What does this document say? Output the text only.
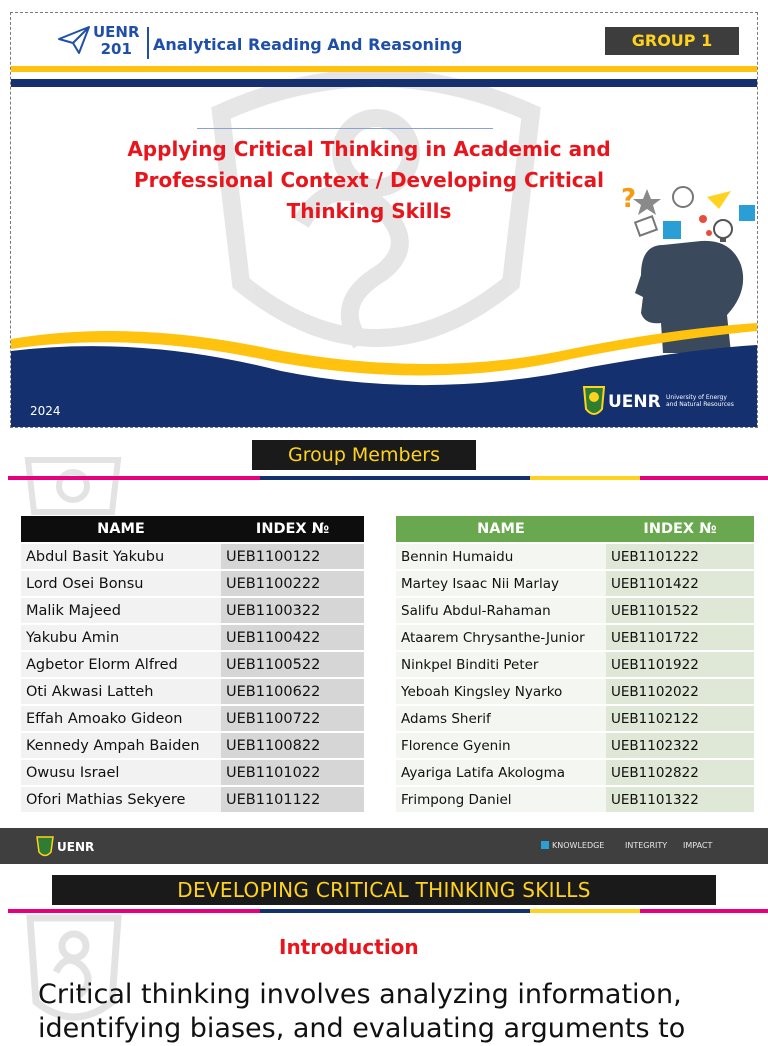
UENR
201	Analytical Reading And Reasoning	GROUP 1
Applying Critical Thinking in Academic and
Professional Context / Developing Critical
Thinking Skills	?
2024	UENR University of Energy
and Natural Resources
Group Members
NAME	INDEX №
Abdul Basit Yakubu	UEB1100122
Lord Osei Bonsu	UEB1100222
Malik Majeed	UEB1100322
Yakubu Amin	UEB1100422
Agbetor Elorm Alfred	UEB1100522
Oti Akwasi Latteh	UEB1100622
Effah Amoako Gideon	UEB1100722
Kennedy Ampah Baiden	UEB1100822
Owusu Israel	UEB1101022
Ofori Mathias Sekyere	UEB1101122
NAME	INDEX №
Bennin Humaidu	UEB1101222
Martey Isaac Nii Marlay	UEB1101422
Salifu Abdul-Rahaman	UEB1101522
Ataarem Chrysanthe-Junior	UEB1101722
Ninkpel Binditi Peter	UEB1101922
Yeboah Kingsley Nyarko	UEB1102022
Adams Sherif	UEB1102122
Florence Gyenin	UEB1102322
Ayariga Latifa Akologma	UEB1102822
Frimpong Daniel	UEB1101322
UENR	KNOWLEDGE	INTEGRITY IMPACT
DEVELOPING CRITICAL THINKING SKILLS
Introduction
Critical thinking involves analyzing information,
identifying biases, and evaluating arguments to
